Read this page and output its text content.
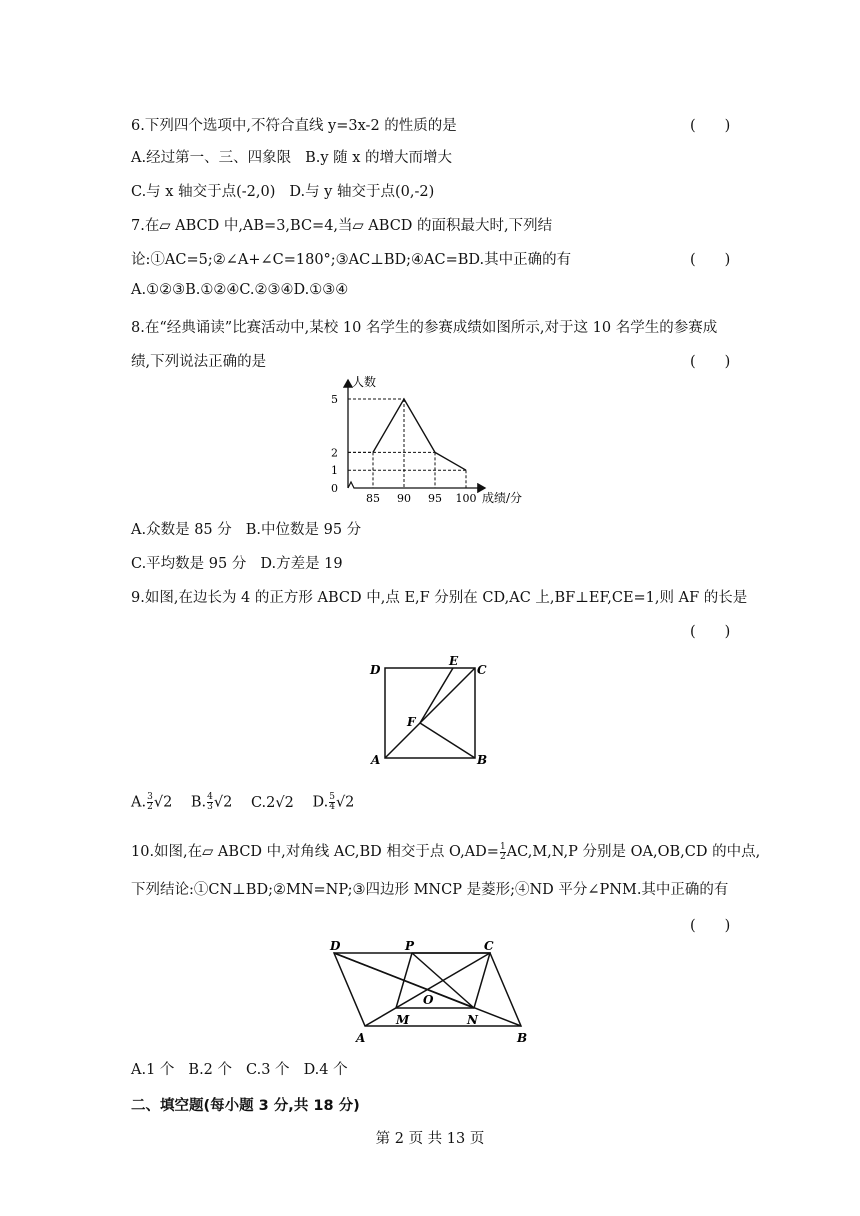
6.下列四个选项中,不符合直线 y=3x-2 的性质的是	(　　)
A.经过第一、三、四象限 B.y 随 x 的增大而增大
C.与 x 轴交于点(-2,0) D.与 y 轴交于点(0,-2)
7.在▱ ABCD 中,AB=3,BC=4,当▱ ABCD 的面积最大时,下列结
论:①AC=5;②∠A+∠C=180°;③AC⊥BD;④AC=BD.其中正确的有	(　　)
A.①②③B.①②④C.②③④D.①③④
8.在“经典诵读”比赛活动中,某校 10 名学生的参赛成绩如图所示,对于这 10 名学生的参赛成
绩,下列说法正确的是	(　　)
5
2
1
0
85 90 95 100
人数
成绩/分
A.众数是 85 分 B.中位数是 95 分
C.平均数是 95 分 D.方差是 19
9.如图,在边长为 4 的正方形 ABCD 中,点 E,F 分别在 CD,AC 上,BF⊥EF,CE=1,则 AF 的长是
(　　)
D
E
C
F
A	B
A. $\frac{3}{2} √2$ B. $\frac{4}{3} √2$ C.2√2 D. $\frac{5}{4} √2$
10.如图,在▱ ABCD 中,对角线 AC,BD 相交于点 $O,AD= \frac{1}{2} AC,M,N,P$ 分别是 OA,OB,CD 的中点,
下列结论:①CN⊥BD;②MN=NP;③四边形 MNCP 是菱形;④ND 平分∠PNM.其中正确的有
(　　)
D	P	C
O
M	N
A	B
A.1 个 B.2 个 C.3 个 D.4 个
二、填空题(每小题 3 分,共 18 分)
第 2 页 共 13 页
